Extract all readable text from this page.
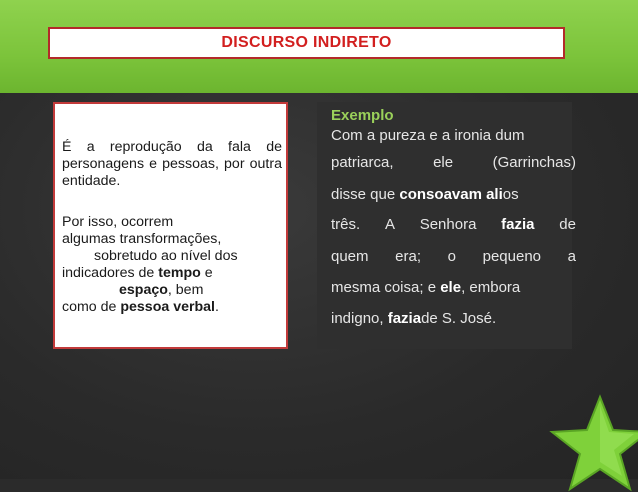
DISCURSO INDIRETO
É a reprodução da fala de personagens e pessoas, por outra entidade.
Por isso, ocorrem
algumas transformações,
sobretudo ao nível dos
indicadores de tempo e
espaço, bem
como de pessoa verbal.
Exemplo
Com a pureza e a ironia dum
patriarca,	ele	(Garrinchas)
disse que
consoavam ali os
três. A Senhora fazia de
quem era; o pequeno a
mesma coisa; e
ele , embora
indigno,
fazia de S. José.
